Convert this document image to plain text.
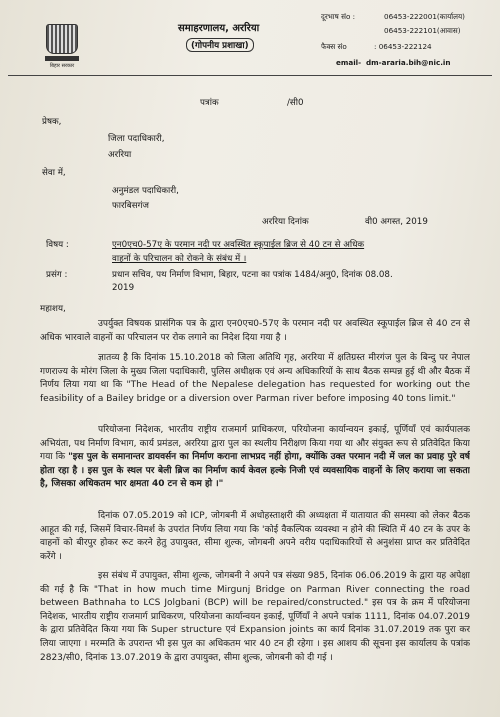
बिहार सरकार
समाहरणालय, अररिया
(गोपनीय प्रशाखा)
दूरभाष संo :	06453-222001(कार्यालय)
06453-222101(आवास)
फैक्स संo	: 06453-222124
email- dm-araria.bih@nic.in
पत्रांक	/सी0
प्रेषक,
जिला पदाधिकारी,
अररिया
सेवा में,
अनुमंडल पदाधिकारी,
फारबिसगंज
अररिया दिनांक	वी0 अगस्त, 2019
विषय :	एन0एच0-57ए के परमान नदी पर अवस्थित स्कूपाईल ब्रिज से 40 टन से अधिक
वाहनों के परिचालन को रोकने के संबंध में ।
प्रसंग :	प्रधान सचिव, पथ निर्माण विभाग, बिहार, पटना का पत्रांक 1484/अनु0, दिनांक 08.08.
2019
महाशय,
उपर्युक्त विषयक प्रासंगिक पत्र के द्वारा एन0एच0-57ए के परमान नदी पर अवस्थित स्कूपाईल ब्रिज से 40 टन से अधिक भारवाले वाहनों का परिचालन पर रोक लगाने का निदेश दिया गया है ।
ज्ञातव्य है कि दिनांक 15.10.2018 को जिला अतिथि गृह, अररिया में क्षतिग्रस्त मीरगंज पुल के बिन्दु पर नेपाल गणराज्य के मोरंग जिला के मुख्य जिला पदाधिकारी, पुलिस अधीक्षक एवं अन्य अधिकारियों के साथ बैठक सम्पन्न हुई थी और बैठक में निर्णय लिया गया था कि "The Head of the Nepalese delegation has requested for working out the feasibility of a Bailey bridge or a diversion over Parman river before imposing 40 tons limit."
परियोजना निदेशक, भारतीय राष्ट्रीय राजमार्ग प्राधिकरण, परियोजना कार्यान्वयन इकाई, पूर्णियाँ एवं कार्यपालक अभियंता, पथ निर्माण विभाग, कार्य प्रमंडल, अररिया द्वारा पुल का स्थलीय निरीक्षण किया गया था और संयुक्त रूप से प्रतिवेदित किया गया कि "इस पुल के समानान्तर डायवर्सन का निर्माण कराना लाभप्रद नहीं होगा, क्योंकि उक्त परमान नदी में जल का प्रवाह पुरे वर्ष होता रहा है । इस पुल के स्थल पर बेली ब्रिज का निर्माण कार्य केवल हल्के निजी एवं व्यवसायिक वाहनों के लिए कराया जा सकता है, जिसका अधिकतम भार क्षमता 40 टन से कम हो ।"
दिनांक 07.05.2019 को ICP, जोगबनी में अधोहस्ताक्षरी की अध्यक्षता में यातायात की समस्या को लेकर बैठक आहूत की गई, जिसमें विचार-विमर्श के उपरांत निर्णय लिया गया कि 'कोई वैकल्पिक व्यवस्था न होने की स्थिति में 40 टन के उपर के वाहनों को बीरपुर होकर रूट करने हेतु उपायुक्त, सीमा शुल्क, जोगबनी अपने वरीय पदाधिकारियों से अनुशंसा प्राप्त कर प्रतिवेदित करेंगे ।
इस संबंध में उपायुक्त, सीमा शुल्क, जोगबनी ने अपने पत्र संख्या 985, दिनांक 06.06.2019 के द्वारा यह अपेक्षा की गई है कि "That in how much time Mirgunj Bridge on Parman River connecting the road between Bathnaha to LCS Jolgbani (BCP) will be repaired/constructed." इस पत्र के क्रम में परियोजना निदेशक, भारतीय राष्ट्रीय राजमार्ग प्राधिकरण, परियोजना कार्यान्वयन इकाई, पूर्णियाँ ने अपने पत्रांक 1111, दिनांक 04.07.2019 के द्वारा प्रतिवेदित किया गया कि Super structure एवं Expansion joints का कार्य दिनांक 31.07.2019 तक पुरा कर लिया जाएगा । मरम्मति के उपरान्त भी इस पुल का अधिकतम भार 40 टन ही रहेगा । इस आशय की सूचना इस कार्यालय के पत्रांक 2823/सी0, दिनांक 13.07.2019 के द्वारा उपायुक्त, सीमा शुल्क, जोगबनी को दी गई ।
